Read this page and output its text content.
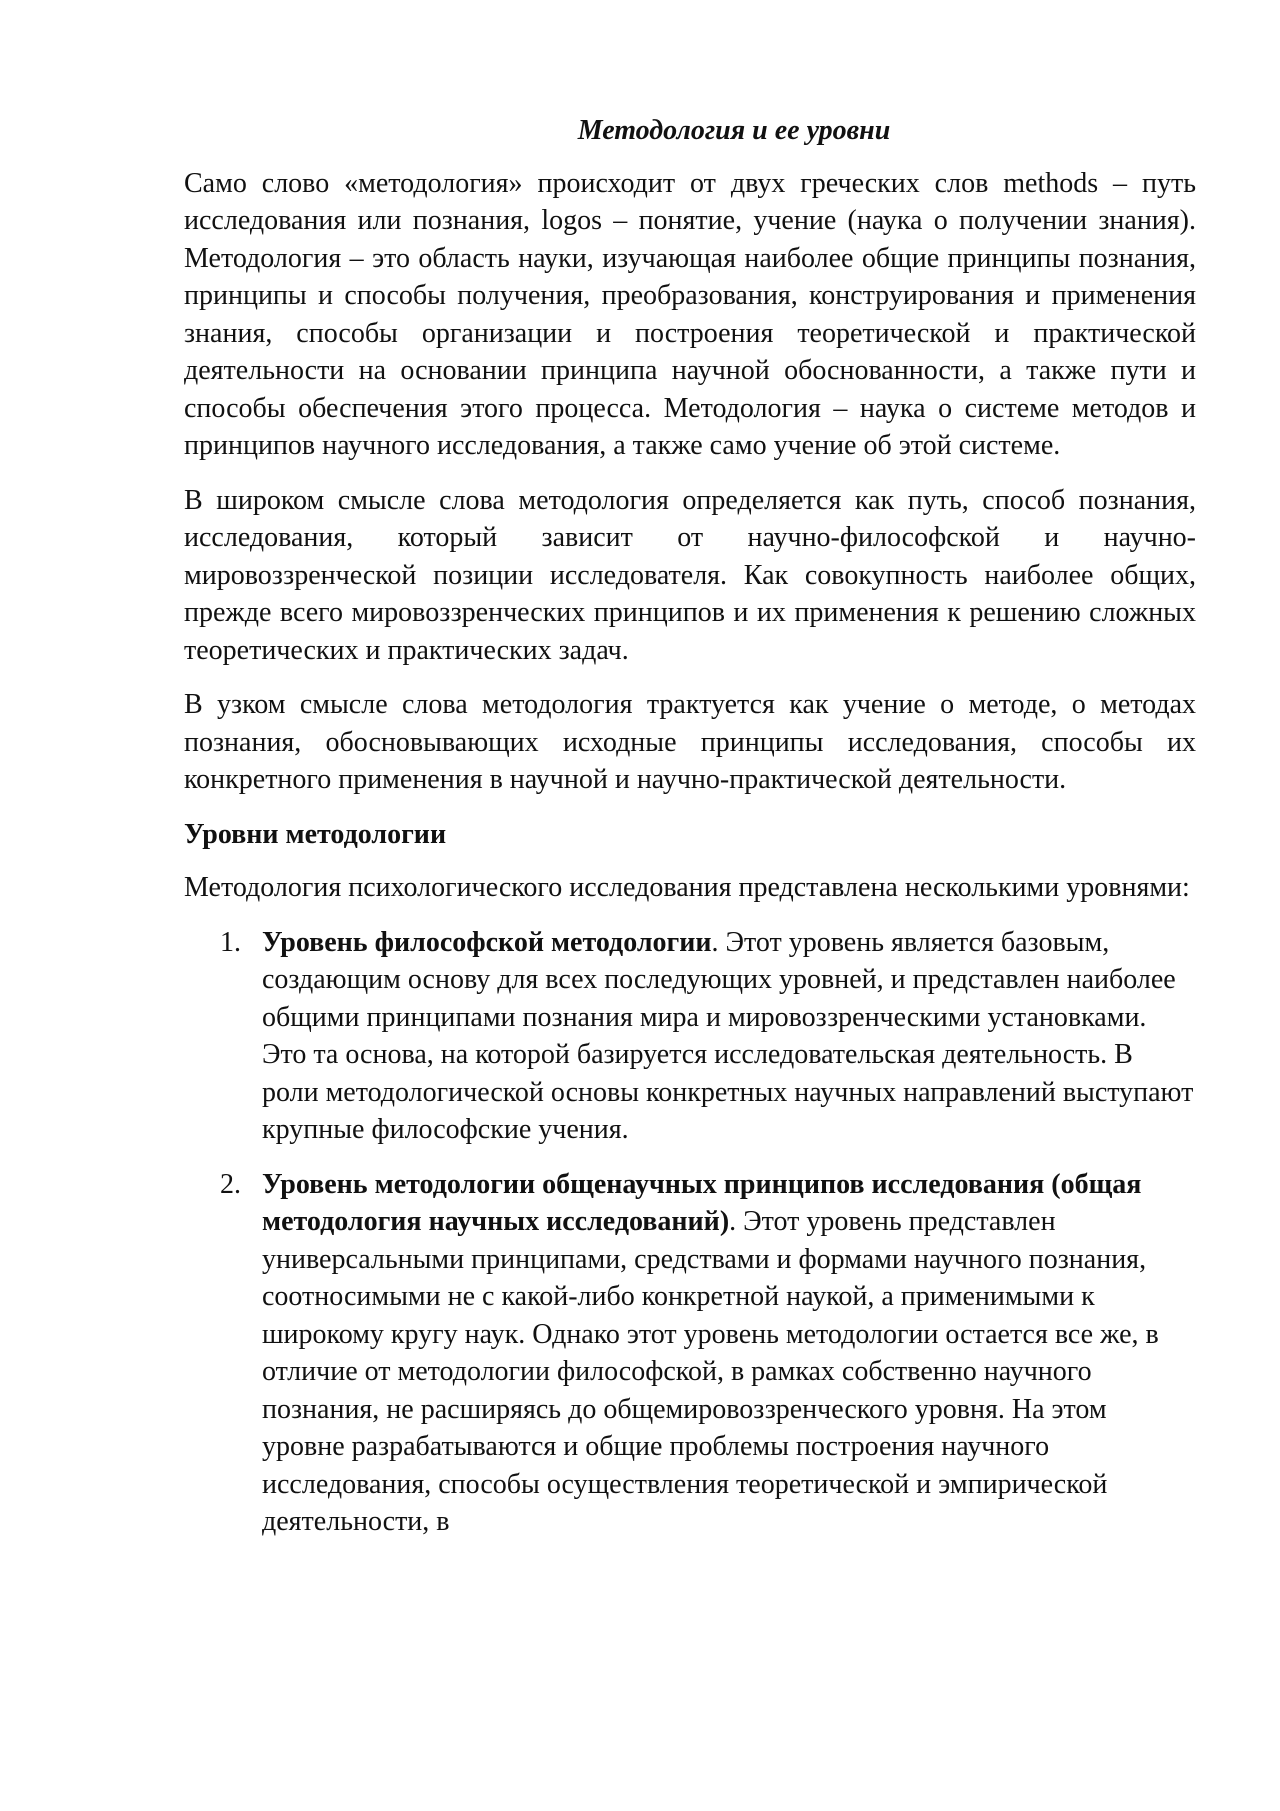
Методология и ее уровни

Само слово «методология» происходит от двух греческих слов methods – путь исследования или познания, logos – понятие, учение (наука о получении знания). Методология – это область науки, изучающая наиболее общие принципы познания, принципы и способы получения, преобразования, конструирования и применения знания, способы организации и построения теоретической и практической деятельности на основании принципа научной обоснованности, а также пути и способы обеспечения этого процесса. Методология – наука о системе методов и принципов научного исследования, а также само учение об этой системе.

В широком смысле слова методология определяется как путь, способ познания, исследования, который зависит от научно-философской и научно-мировоззренческой позиции исследователя. Как совокупность наиболее общих, прежде всего мировоззренческих принципов и их применения к решению сложных теоретических и практических задач.

В узком смысле слова методология трактуется как учение о методе, о методах познания, обосновывающих исходные принципы исследования, способы их конкретного применения в научной и научно-практической деятельности.

Уровни методологии

Методология психологического исследования представлена несколькими уровнями:

1. Уровень философской методологии. Этот уровень является базовым, создающим основу для всех последующих уровней, и представлен наиболее общими принципами познания мира и мировоззренческими установками. Это та основа, на которой базируется исследовательская деятельность. В роли методологической основы конкретных научных направлений выступают крупные философские учения.
2. Уровень методологии общенаучных принципов исследования (общая методология научных исследований). Этот уровень представлен универсальными принципами, средствами и формами научного познания, соотносимыми не с какой-либо конкретной наукой, а применимыми к широкому кругу наук. Однако этот уровень методологии остается все же, в отличие от методологии философской, в рамках собственно научного познания, не расширяясь до общемировоззренческого уровня. На этом уровне разрабатываются и общие проблемы построения научного исследования, способы осуществления теоретической и эмпирической деятельности, в
